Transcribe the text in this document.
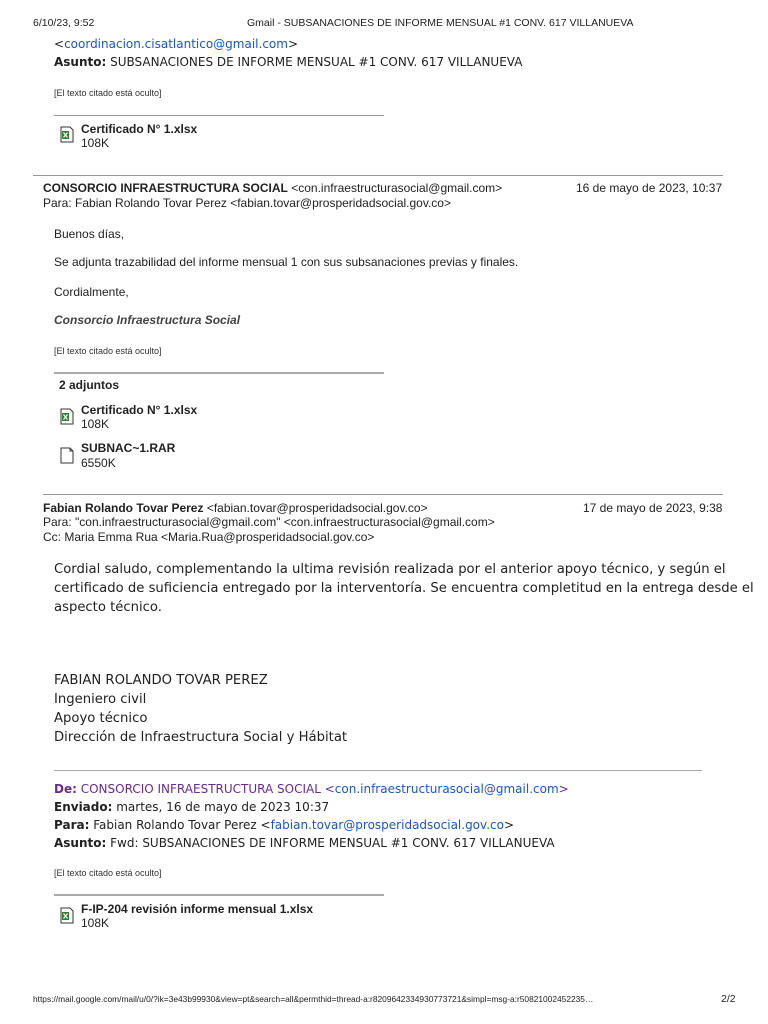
6/10/23, 9:52	Gmail - SUBSANACIONES DE INFORME MENSUAL #1 CONV. 617 VILLANUEVA
<coordinacion.cisatlantico@gmail.com>
Asunto: SUBSANACIONES DE INFORME MENSUAL #1 CONV. 617 VILLANUEVA
[El texto citado está oculto]
Certificado N° 1.xlsx
108K
CONSORCIO INFRAESTRUCTURA SOCIAL <con.infraestructurasocial@gmail.com>	16 de mayo de 2023, 10:37
Para: Fabian Rolando Tovar Perez <fabian.tovar@prosperidadsocial.gov.co>
Buenos días,
Se adjunta trazabilidad del informe mensual 1 con sus subsanaciones previas y finales.
Cordialmente,
Consorcio Infraestructura Social
[El texto citado está oculto]
2 adjuntos
Certificado N° 1.xlsx
108K
SUBNAC~1.RAR
6550K
Fabian Rolando Tovar Perez <fabian.tovar@prosperidadsocial.gov.co>	17 de mayo de 2023, 9:38
Para: "con.infraestructurasocial@gmail.com" <con.infraestructurasocial@gmail.com>
Cc: Maria Emma Rua <Maria.Rua@prosperidadsocial.gov.co>
Cordial saludo, complementando la ultima revisión realizada por el anterior apoyo técnico, y según el
certificado de suficiencia entregado por la interventoría. Se encuentra completitud en la entrega desde el
aspecto técnico.
FABIAN ROLANDO TOVAR PEREZ
Ingeniero civil
Apoyo técnico
Dirección de Infraestructura Social y Hábitat
De: CONSORCIO INFRAESTRUCTURA SOCIAL <con.infraestructurasocial@gmail.com>
Enviado: martes, 16 de mayo de 2023 10:37
Para: Fabian Rolando Tovar Perez <fabian.tovar@prosperidadsocial.gov.co>
Asunto: Fwd: SUBSANACIONES DE INFORME MENSUAL #1 CONV. 617 VILLANUEVA
[El texto citado está oculto]
F-IP-204 revisión informe mensual 1.xlsx
108K
https://mail.google.com/mail/u/0/?ik=3e43b99930&view=pt&search=all&permthid=thread-a:r8209642334930773721&simpl=msg-a:r50821002452235…	2/2
